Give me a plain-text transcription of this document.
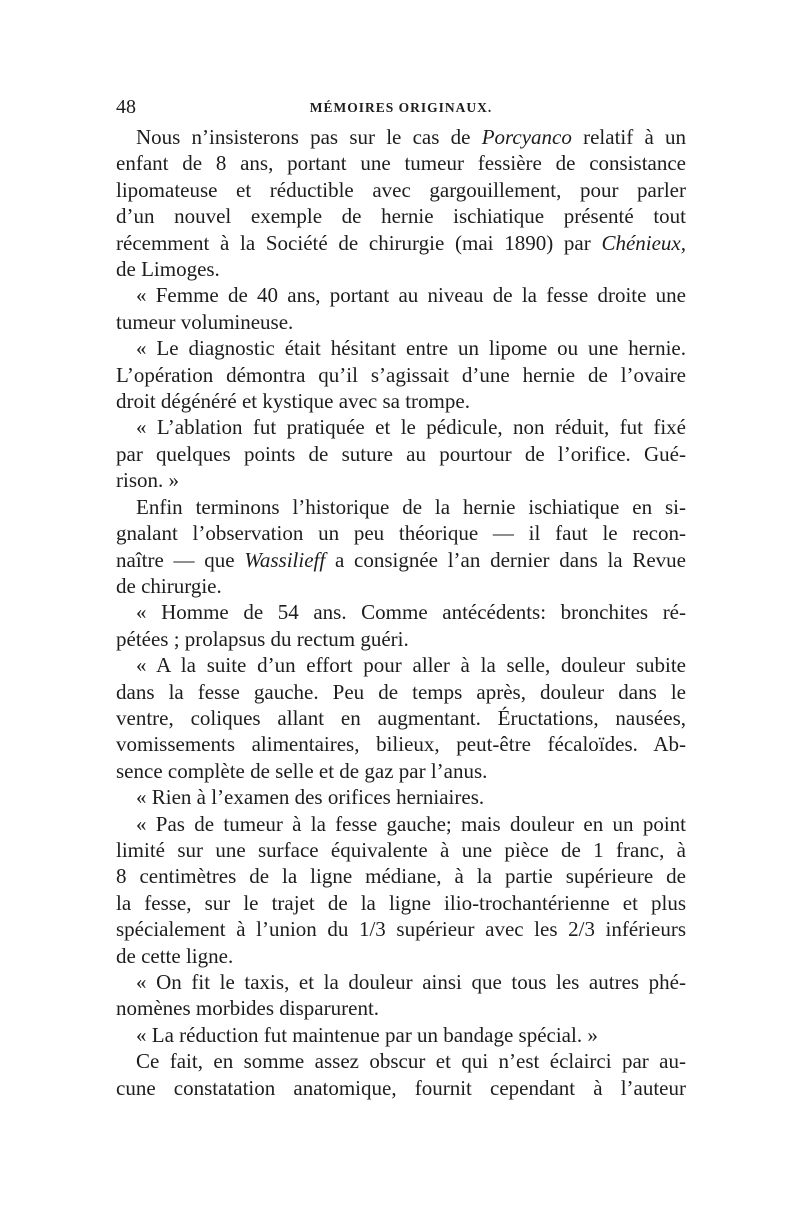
48	MÉMOIRES ORIGINAUX.

Nous n’insisterons pas sur le cas de Porcyanco relatif à un
enfant de 8 ans, portant une tumeur fessière de consistance
lipomateuse et réductible avec gargouillement, pour parler
d’un nouvel exemple de hernie ischiatique présenté tout
récemment à la Société de chirurgie (mai 1890) par Chénieux,
de Limoges.

« Femme de 40 ans, portant au niveau de la fesse droite une
tumeur volumineuse.

« Le diagnostic était hésitant entre un lipome ou une hernie.
L’opération démontra qu’il s’agissait d’une hernie de l’ovaire
droit dégénéré et kystique avec sa trompe.

« L’ablation fut pratiquée et le pédicule, non réduit, fut fixé
par quelques points de suture au pourtour de l’orifice. Gué-
rison. »

Enfin terminons l’historique de la hernie ischiatique en si-
gnalant l’observation un peu théorique — il faut le recon-
naître — que Wassilieff a consignée l’an dernier dans la Revue
de chirurgie.

« Homme de 54 ans. Comme antécédents: bronchites ré-
pétées ; prolapsus du rectum guéri.

« A la suite d’un effort pour aller à la selle, douleur subite
dans la fesse gauche. Peu de temps après, douleur dans le
ventre, coliques allant en augmentant. Éructations, nausées,
vomissements alimentaires, bilieux, peut-être fécaloïdes. Ab-
sence complète de selle et de gaz par l’anus.

« Rien à l’examen des orifices herniaires.

« Pas de tumeur à la fesse gauche; mais douleur en un point
limité sur une surface équivalente à une pièce de 1 franc, à
8 centimètres de la ligne médiane, à la partie supérieure de
la fesse, sur le trajet de la ligne ilio-trochantérienne et plus
spécialement à l’union du 1/3 supérieur avec les 2/3 inférieurs
de cette ligne.

« On fit le taxis, et la douleur ainsi que tous les autres phé-
nomènes morbides disparurent.

« La réduction fut maintenue par un bandage spécial. »

Ce fait, en somme assez obscur et qui n’est éclairci par au-
cune constatation anatomique, fournit cependant à l’auteur
